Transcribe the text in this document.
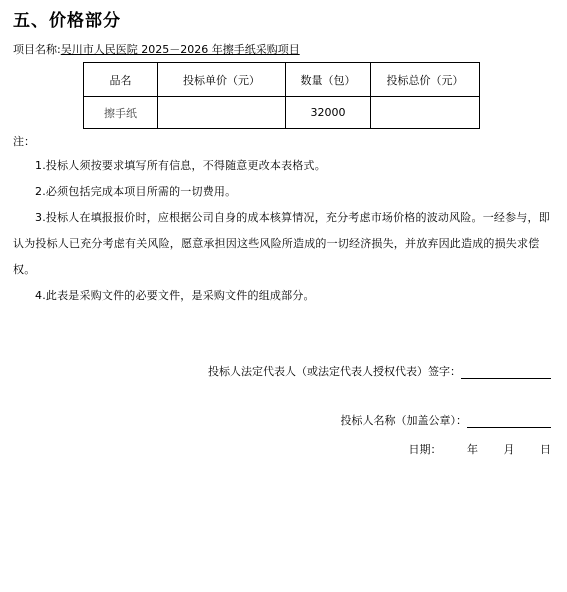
五、价格部分
项目名称:吴川市人民医院 2025－2026 年擦手纸采购项目
品名	投标单价（元）	数量（包）	投标总价（元）
擦手纸		32000	
注：
1.投标人须按要求填写所有信息，不得随意更改本表格式。
2.必须包括完成本项目所需的一切费用。
3.投标人在填报报价时，应根据公司自身的成本核算情况，充分考虑市场价格的波动风险。一经参与，即认为投标人已充分考虑有关风险，愿意承担因这些风险所造成的一切经济损失，并放弃因此造成的损失求偿权。
4.此表是采购文件的必要文件，是采购文件的组成部分。
投标人法定代表人（或法定代表人授权代表）签字：
投标人名称（加盖公章）：
日期： 年 月 日
